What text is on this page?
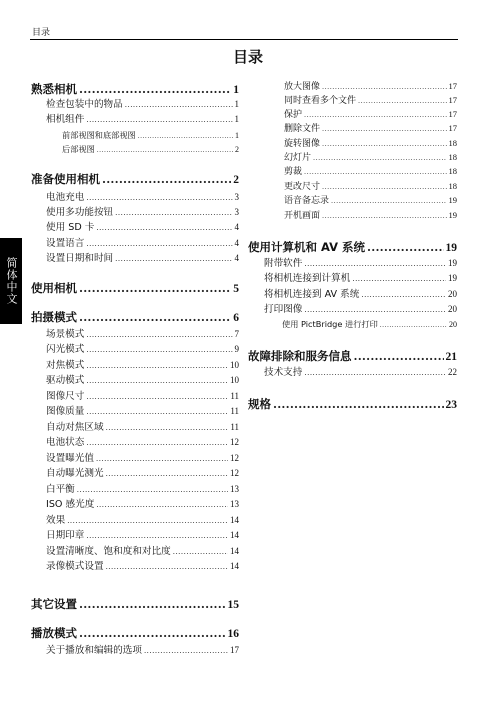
目录
目录
简体中文
熟悉相机 .....	1
检查包装中的物品 .....	1
相机组件 .....	1
前部视图和底部视图 .....	1
后部视图 .....	2
准备使用相机 .....	2
电池充电 .....	3
使用多功能按钮 .....	3
使用 SD 卡 .....	4
设置语言 .....	4
设置日期和时间 .....	4
使用相机 .....	5
拍摄模式 .....	6
场景模式 .....	7
闪光模式 .....	9
对焦模式 .....	10
驱动模式 .....	10
图像尺寸 .....	11
图像质量 .....	11
自动对焦区域 .....	11
电池状态 .....	12
设置曝光值 .....	12
自动曝光测光 .....	12
白平衡 .....	13
ISO 感光度 .....	13
效果 .....	14
日期印章 .....	14
设置清晰度、饱和度和对比度 .....	14
录像模式设置 .....	14
其它设置 .....	15
播放模式 .....	16
关于播放和编辑的选项 .....	17
放大图像 .....	17
同时查看多个文件 .....	17
保护 .....	17
删除文件 .....	17
旋转图像 .....	18
幻灯片 .....	18
剪裁 .....	18
更改尺寸 .....	18
语音备忘录 .....	19
开机画面 .....	19
使用计算机和 AV 系统 .....	19
附带软件 .....	19
将相机连接到计算机 .....	19
将相机连接到 AV 系统 .....	20
打印图像 .....	20
使用 PictBridge 进行打印 .....	20
故障排除和服务信息 .....	21
技术支持 .....	22
规格 .....	23
